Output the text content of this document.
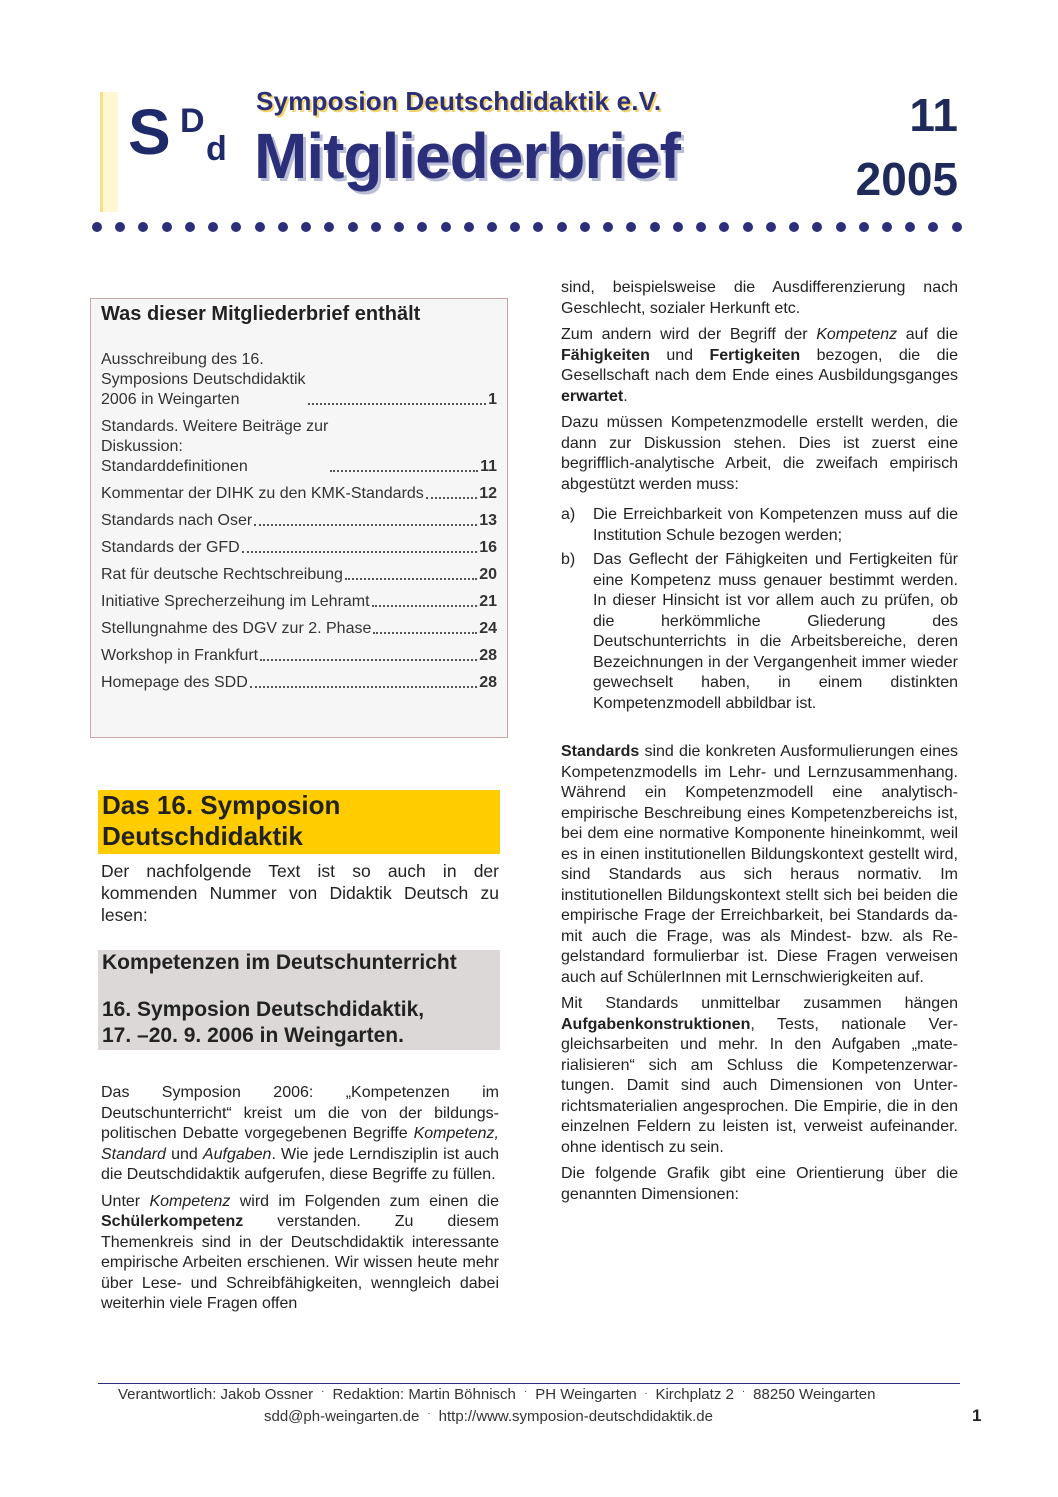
S D
d
Symposion Deutschdidaktik e.V.
Mitgliederbrief
11
2005
Was dieser Mitgliederbrief enthält
Ausschreibung des 16.
Symposions Deutschdidaktik
2006 in Weingarten	1
Standards. Weitere Beiträge zur
Diskussion:
Standarddefinitionen	11
Kommentar der DIHK zu den KMK-Standards	12
Standards nach Oser	13
Standards der GFD	16
Rat für deutsche Rechtschreibung	20
Initiative Sprecherzeihung im Lehramt	21
Stellungnahme des DGV zur 2. Phase	24
Workshop in Frankfurt	28
Homepage des SDD	28
Das 16. Symposion
Deutschdidaktik
Der nachfolgende Text ist so auch in der kommenden Nummer von Didaktik Deutsch zu lesen:
Kompetenzen im Deutschunterricht
16. Symposion Deutschdidaktik,
17. –20. 9. 2006 in Weingarten.

Das Symposion 2006: „Kompetenzen im Deutschunterricht“ kreist um die von der bildungspolitischen Debatte vorgegebenen Begriffe Kompetenz, Standard und Aufgaben. Wie jede Lerndisziplin ist auch die Deutschdidaktik aufgerufen, diese Begriffe zu füllen.

Unter Kompetenz wird im Folgenden zum einen die Schülerkompetenz verstanden. Zu diesem Themenkreis sind in der Deutschdidaktik interessante empirische Arbeiten erschienen. Wir wissen heute mehr über Lese- und Schreibfähigkeiten, wenngleich dabei weiterhin viele Fragen offen

sind, beispielsweise die Ausdifferenzierung nach Geschlecht, sozialer Herkunft etc.

Zum andern wird der Begriff der Kompetenz auf die Fähigkeiten und Fertigkeiten bezogen, die die Gesellschaft nach dem Ende eines Ausbildungsganges erwartet.

Dazu müssen Kompetenzmodelle erstellt werden, die dann zur Diskussion stehen. Dies ist zuerst eine begrifflich-analytische Arbeit, die zweifach empirisch abgestützt werden muss:

a)	Die Erreichbarkeit von Kompetenzen muss auf die Institution Schule bezogen werden;
b)	Das Geflecht der Fähigkeiten und Fertigkeiten für eine Kompetenz muss genauer bestimmt werden. In dieser Hinsicht ist vor allem auch zu prüfen, ob die herkömmliche Gliederung des Deutschunterrichts in die Arbeitsbereiche, deren Bezeichnungen in der Vergangenheit immer wieder gewechselt haben, in einem distinkten Kompetenzmodell abbildbar ist.

Standards sind die konkreten Ausformulierungen eines Kompetenzmodells im Lehr- und Lernzusammenhang. Während ein Kompetenzmodell eine analytisch-empirische Beschreibung eines Kompetenzbereichs ist, bei dem eine normative Komponente hineinkommt, weil es in einen institutionellen Bildungskontext gestellt wird, sind Standards aus sich heraus normativ. Im institutionellen Bildungskontext stellt sich bei beiden die empirische Frage der Erreichbarkeit, bei Standards damit auch die Frage, was als Mindest- bzw. als Regelstandard formulierbar ist. Diese Fragen verweisen auch auf SchülerInnen mit Lernschwierigkeiten auf.

Mit Standards unmittelbar zusammen hängen Aufgabenkonstruktionen, Tests, nationale Vergleichsarbeiten und mehr. In den Aufgaben „materialisieren“ sich am Schluss die Kompetenzerwartungen. Damit sind auch Dimensionen von Unterrichtsmaterialien angesprochen. Die Empirie, die in den einzelnen Feldern zu leisten ist, verweist aufeinander. ohne identisch zu sein.

Die folgende Grafik gibt eine Orientierung über die genannten Dimensionen:

Verantwortlich: Jakob Ossner · Redaktion: Martin Böhnisch · PH Weingarten . Kirchplatz 2 · 88250 Weingarten
sdd@ph-weingarten.de · http://www.symposion-deutschdidaktik.de	1
